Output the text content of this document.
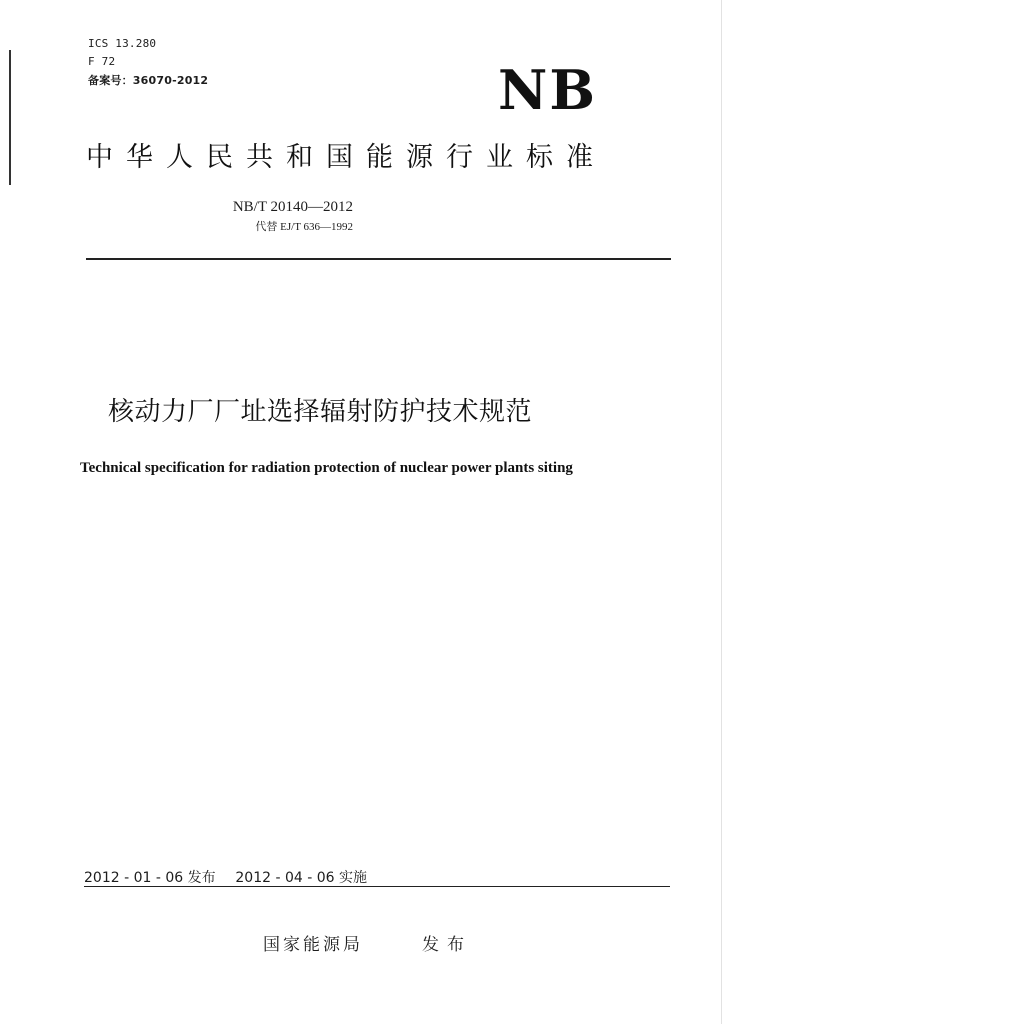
ICS 13.280
F 72
备案号：36070-2012	NB
中华人民共和国能源行业标准
NB/T 20140—2012
代替 EJ/T 636—1992
核动力厂厂址选择辐射防护技术规范
Technical specification for radiation protection of nuclear power plants siting
2012 - 01 - 06 发布 2012 - 04 - 06 实施
国家能源局	发布
